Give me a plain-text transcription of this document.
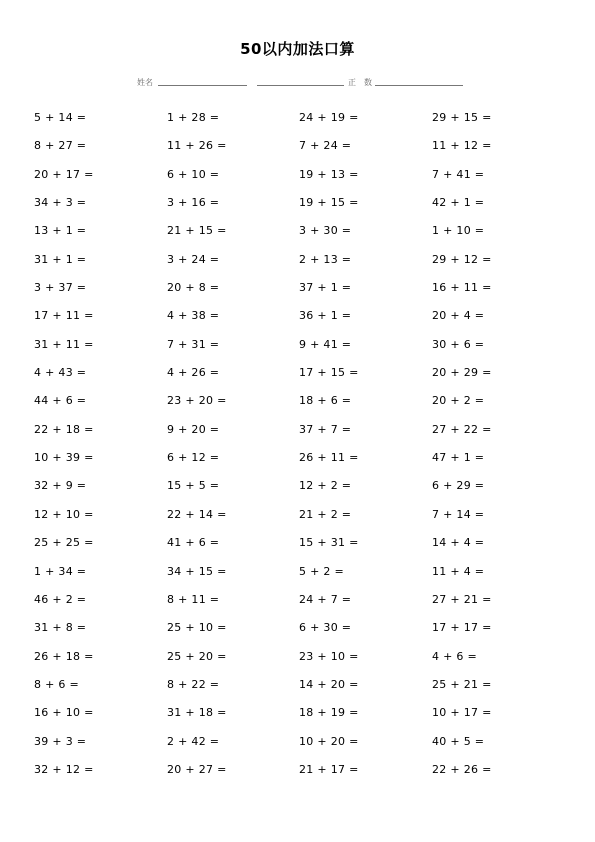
50以内加法口算
姓名	正　数
5 + 14 =	1 + 28 =	24 + 19 =	29 + 15 =
8 + 27 =	11 + 26 =	7 + 24 =	11 + 12 =
20 + 17 =	6 + 10 =	19 + 13 =	7 + 41 =
34 + 3 =	3 + 16 =	19 + 15 =	42 + 1 =
13 + 1 =	21 + 15 =	3 + 30 =	1 + 10 =
31 + 1 =	3 + 24 =	2 + 13 =	29 + 12 =
3 + 37 =	20 + 8 =	37 + 1 =	16 + 11 =
17 + 11 =	4 + 38 =	36 + 1 =	20 + 4 =
31 + 11 =	7 + 31 =	9 + 41 =	30 + 6 =
4 + 43 =	4 + 26 =	17 + 15 =	20 + 29 =
44 + 6 =	23 + 20 =	18 + 6 =	20 + 2 =
22 + 18 =	9 + 20 =	37 + 7 =	27 + 22 =
10 + 39 =	6 + 12 =	26 + 11 =	47 + 1 =
32 + 9 =	15 + 5 =	12 + 2 =	6 + 29 =
12 + 10 =	22 + 14 =	21 + 2 =	7 + 14 =
25 + 25 =	41 + 6 =	15 + 31 =	14 + 4 =
1 + 34 =	34 + 15 =	5 + 2 =	11 + 4 =
46 + 2 =	8 + 11 =	24 + 7 =	27 + 21 =
31 + 8 =	25 + 10 =	6 + 30 =	17 + 17 =
26 + 18 =	25 + 20 =	23 + 10 =	4 + 6 =
8 + 6 =	8 + 22 =	14 + 20 =	25 + 21 =
16 + 10 =	31 + 18 =	18 + 19 =	10 + 17 =
39 + 3 =	2 + 42 =	10 + 20 =	40 + 5 =
32 + 12 =	20 + 27 =	21 + 17 =	22 + 26 =
